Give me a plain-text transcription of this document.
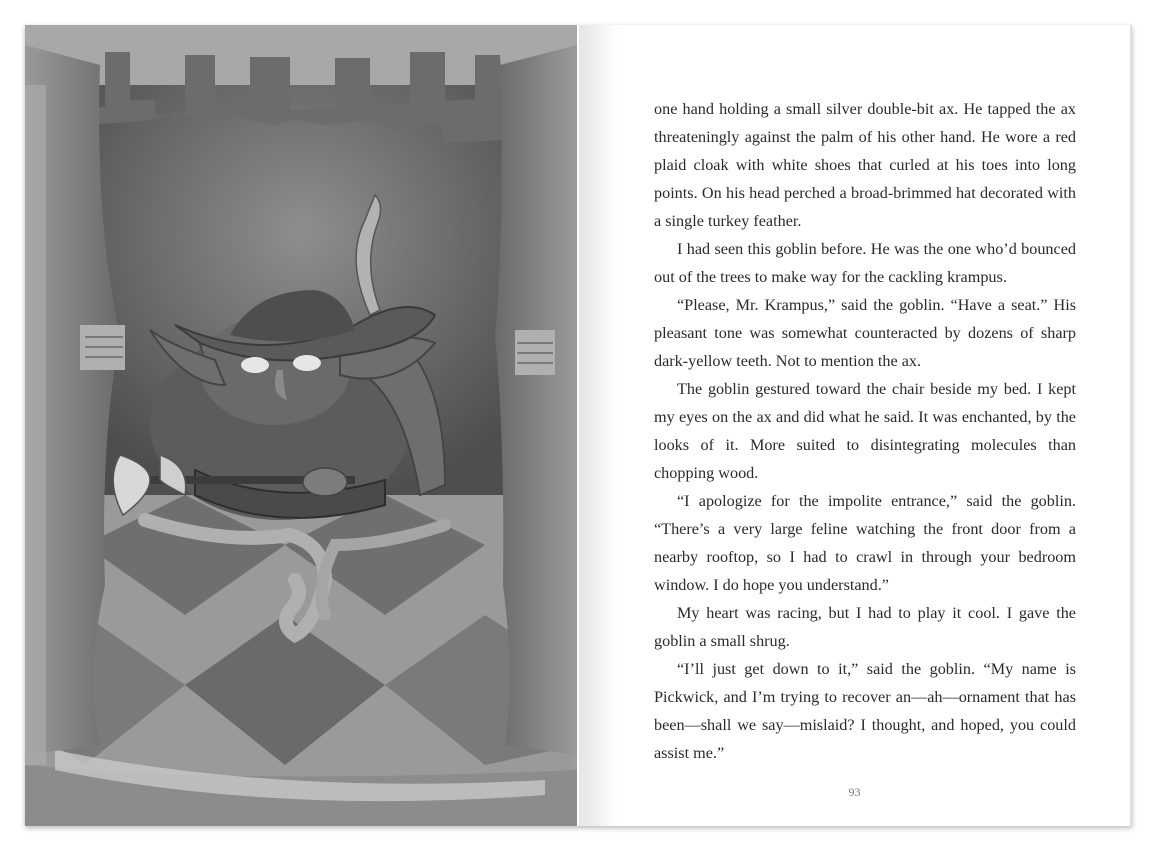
one hand holding a small silver double-bit ax. He tapped the ax threateningly against the palm of his other hand. He wore a red plaid cloak with white shoes that curled at his toes into long points. On his head perched a broad-brimmed hat decorated with a single turkey feather.

I had seen this goblin before. He was the one who’d bounced out of the trees to make way for the cackling krampus.

“Please, Mr. Krampus,” said the goblin. “Have a seat.” His pleasant tone was somewhat counteracted by dozens of sharp dark-yellow teeth. Not to mention the ax.

The goblin gestured toward the chair beside my bed. I kept my eyes on the ax and did what he said. It was enchanted, by the looks of it. More suited to disintegrating molecules than chopping wood.

“I apologize for the impolite entrance,” said the goblin. “There’s a very large feline watching the front door from a nearby rooftop, so I had to crawl in through your bedroom window. I do hope you understand.”

My heart was racing, but I had to play it cool. I gave the goblin a small shrug.

“I’ll just get down to it,” said the goblin. “My name is Pickwick, and I’m trying to recover an—ah—ornament that has been—shall we say—mislaid? I thought, and hoped, you could assist me.”

93
